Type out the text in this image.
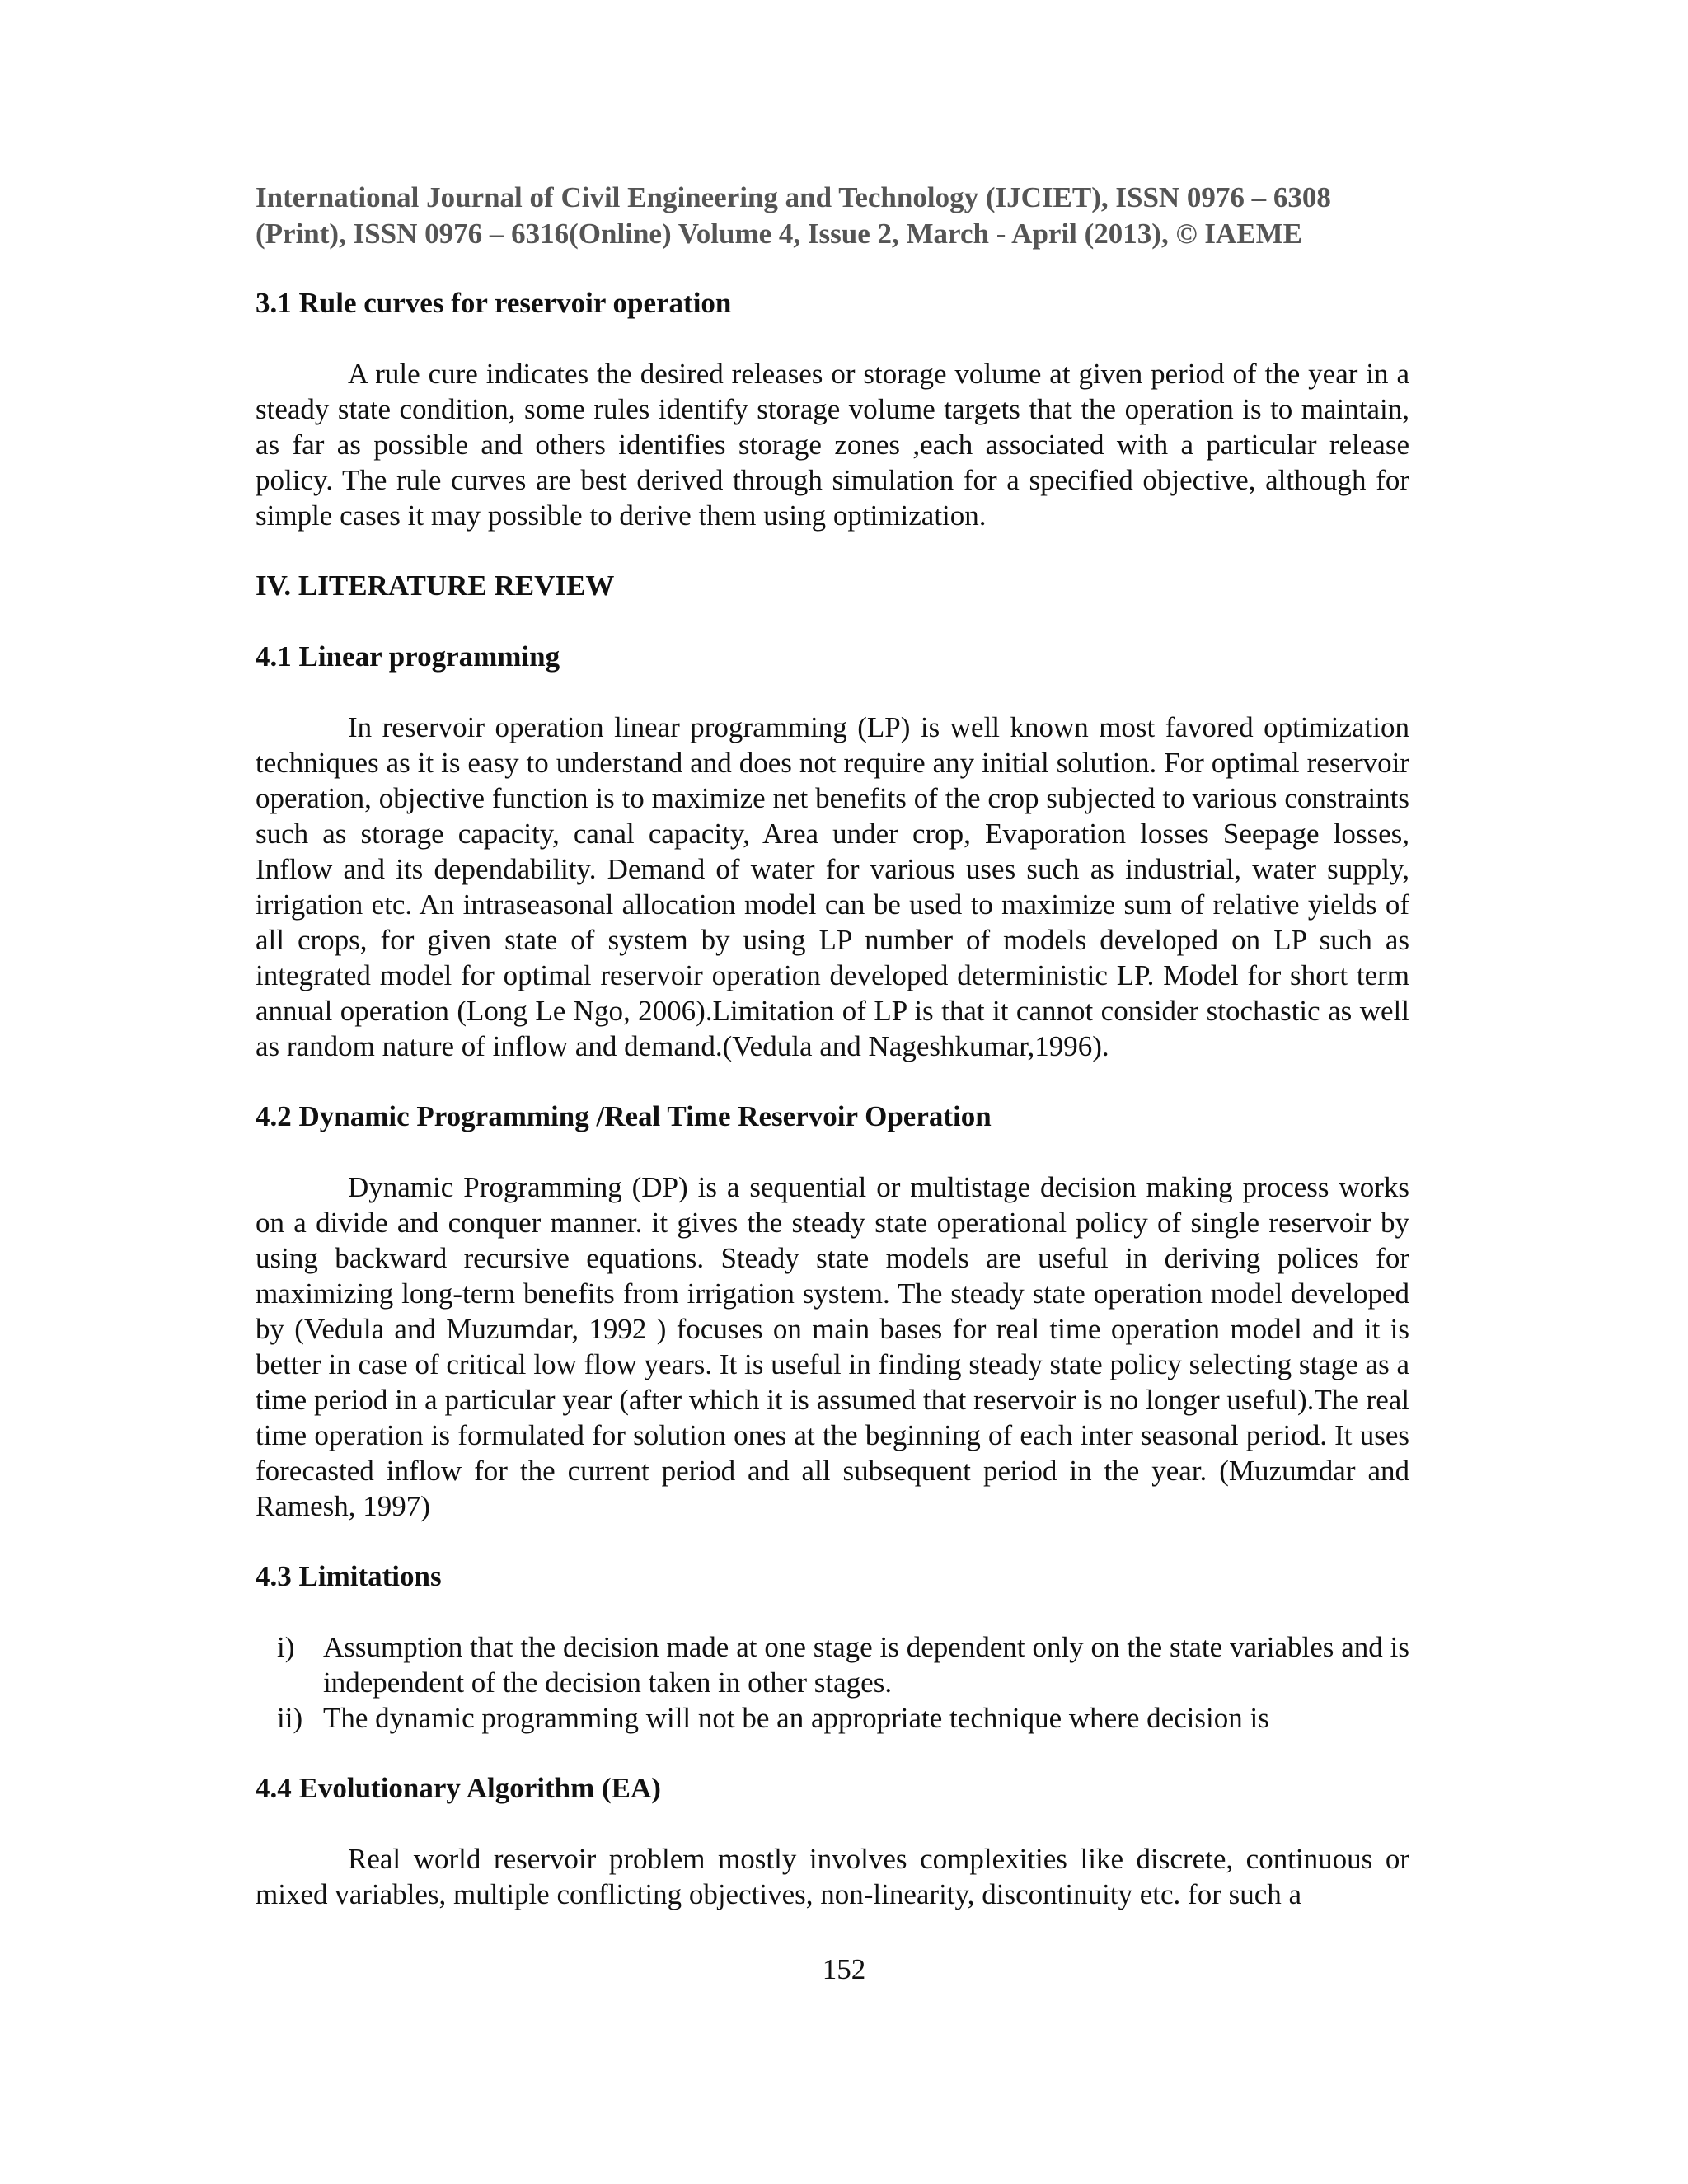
International Journal of Civil Engineering and Technology (IJCIET), ISSN 0976 – 6308
(Print), ISSN 0976 – 6316(Online) Volume 4, Issue 2, March - April (2013), © IAEME
3.1 Rule curves for reservoir operation

A rule cure indicates the desired releases or storage volume at given period of the year in a steady state condition, some rules identify storage volume targets that the operation is to maintain, as far as possible and others identifies storage zones ,each associated with a particular release policy. The rule curves are best derived through simulation for a specified objective, although for simple cases it may possible to derive them using optimization.

IV. LITERATURE REVIEW
4.1 Linear programming

In reservoir operation linear programming (LP) is well known most favored optimization techniques as it is easy to understand and does not require any initial solution. For optimal reservoir operation, objective function is to maximize net benefits of the crop subjected to various constraints such as storage capacity, canal capacity, Area under crop, Evaporation losses Seepage losses, Inflow and its dependability. Demand of water for various uses such as industrial, water supply, irrigation etc. An intraseasonal allocation model can be used to maximize sum of relative yields of all crops, for given state of system by using LP number of models developed on LP such as integrated model for optimal reservoir operation developed deterministic LP. Model for short term annual operation (Long Le Ngo, 2006).Limitation of LP is that it cannot consider stochastic as well as random nature of inflow and demand.(Vedula and Nageshkumar,1996).

4.2 Dynamic Programming /Real Time Reservoir Operation

Dynamic Programming (DP) is a sequential or multistage decision making process works on a divide and conquer manner. it gives the steady state operational policy of single reservoir by using backward recursive equations. Steady state models are useful in deriving polices for maximizing long-term benefits from irrigation system. The steady state operation model developed by (Vedula and Muzumdar, 1992 ) focuses on main bases for real time operation model and it is better in case of critical low flow years. It is useful in finding steady state policy selecting stage as a time period in a particular year (after which it is assumed that reservoir is no longer useful).The real time operation is formulated for solution ones at the beginning of each inter seasonal period. It uses forecasted inflow for the current period and all subsequent period in the year. (Muzumdar and Ramesh, 1997)

4.3 Limitations
i) Assumption that the decision made at one stage is dependent only on the state variables and is independent of the decision taken in other stages.
ii) The dynamic programming will not be an appropriate technique where decision is
4.4 Evolutionary Algorithm (EA)

Real world reservoir problem mostly involves complexities like discrete, continuous or mixed variables, multiple conflicting objectives, non-linearity, discontinuity etc. for such a

152
